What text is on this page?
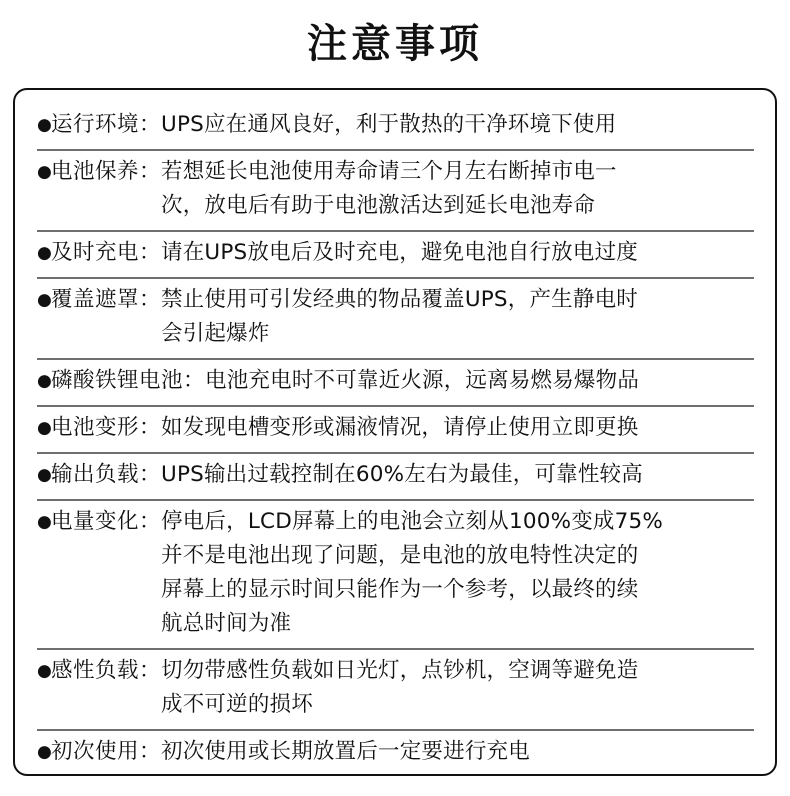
注意事项
● 运行环境：UPS应在通风良好，利于散热的干净环境下使用
● 电池保养：若想延长电池使用寿命请三个月左右断掉市电一
次，放电后有助于电池激活达到延长电池寿命
● 及时充电：请在UPS放电后及时充电，避免电池自行放电过度
● 覆盖遮罩：禁止使用可引发经典的物品覆盖UPS，产生静电时
会引起爆炸
● 磷酸铁锂电池：电池充电时不可靠近火源，远离易燃易爆物品
● 电池变形：如发现电槽变形或漏液情况，请停止使用立即更换
● 输出负载：UPS输出过载控制在60%左右为最佳，可靠性较高
● 电量变化：停电后，LCD屏幕上的电池会立刻从100%变成75%
并不是电池出现了问题，是电池的放电特性决定的
屏幕上的显示时间只能作为一个参考，以最终的续
航总时间为准
● 感性负载：切勿带感性负载如日光灯，点钞机，空调等避免造
成不可逆的损坏
● 初次使用：初次使用或长期放置后一定要进行充电
